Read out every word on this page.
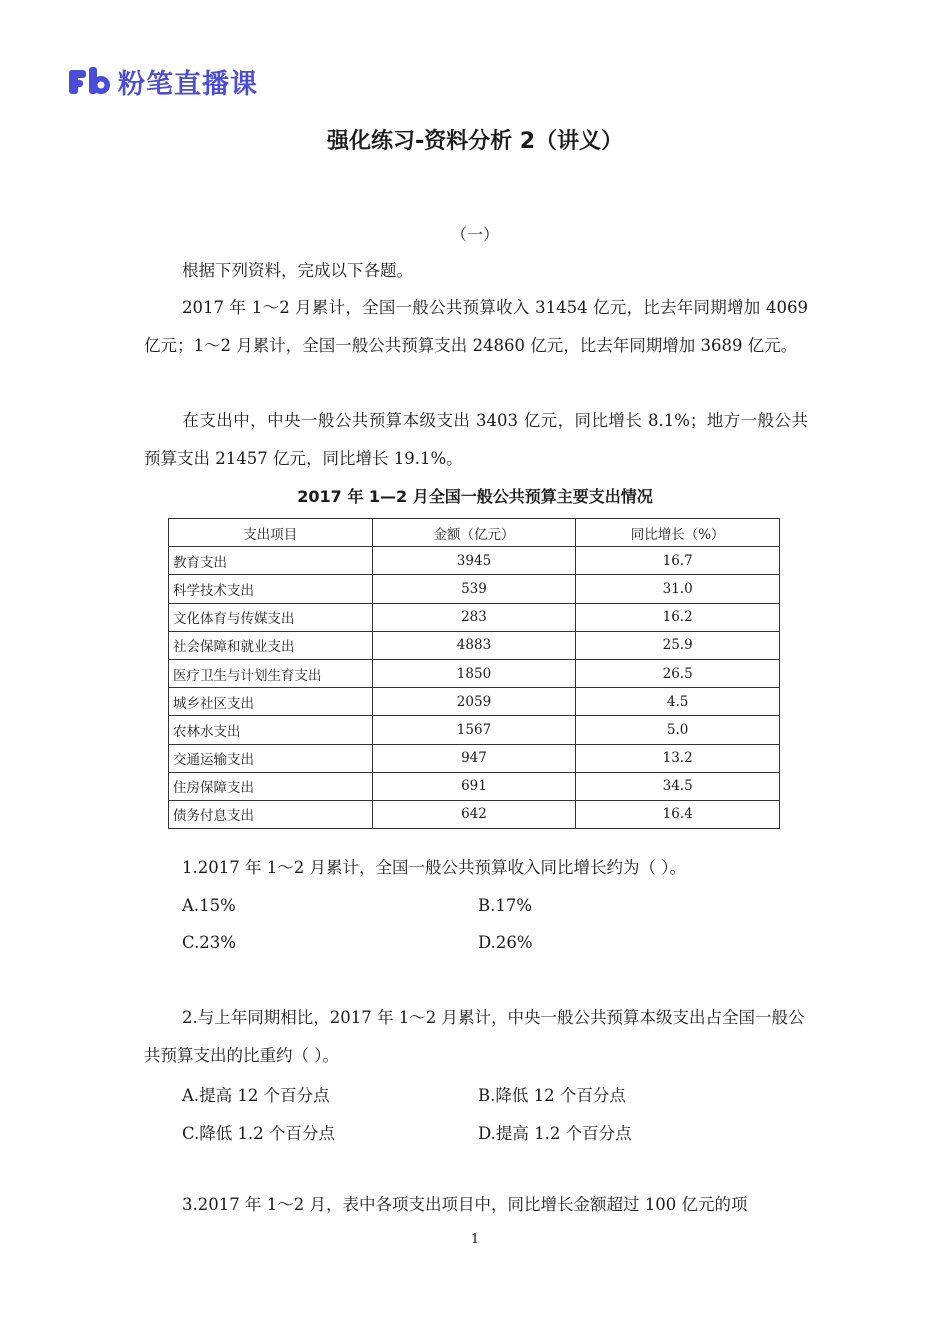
粉笔直播课
强化练习-资料分析 2（讲义）
（一）
根据下列资料，完成以下各题。
2017 年 1～2 月累计，全国一般公共预算收入 31454 亿元，比去年同期增加 4069 亿元；1～2 月累计，全国一般公共预算支出 24860 亿元，比去年同期增加 3689 亿元。
在支出中，中央一般公共预算本级支出 3403 亿元，同比增长 8.1%；地方一般公共预算支出 21457 亿元，同比增长 19.1%。
2017 年 1—2 月全国一般公共预算主要支出情况
支出项目	金额（亿元）	同比增长（%）
教育支出	3945	16.7
科学技术支出	539	31.0
文化体育与传媒支出	283	16.2
社会保障和就业支出	4883	25.9
医疗卫生与计划生育支出	1850	26.5
城乡社区支出	2059	4.5
农林水支出	1567	5.0
交通运输支出	947	13.2
住房保障支出	691	34.5
债务付息支出	642	16.4
1.2017 年 1～2 月累计，全国一般公共预算收入同比增长约为（ ）。
A.15%	B.17%
C.23%	D.26%
2.与上年同期相比，2017 年 1～2 月累计，中央一般公共预算本级支出占全国一般公共预算支出的比重约（ ）。
A.提高 12 个百分点	B.降低 12 个百分点
C.降低 1.2 个百分点	D.提高 1.2 个百分点
3.2017 年 1～2 月，表中各项支出项目中，同比增长金额超过 100 亿元的项
1
